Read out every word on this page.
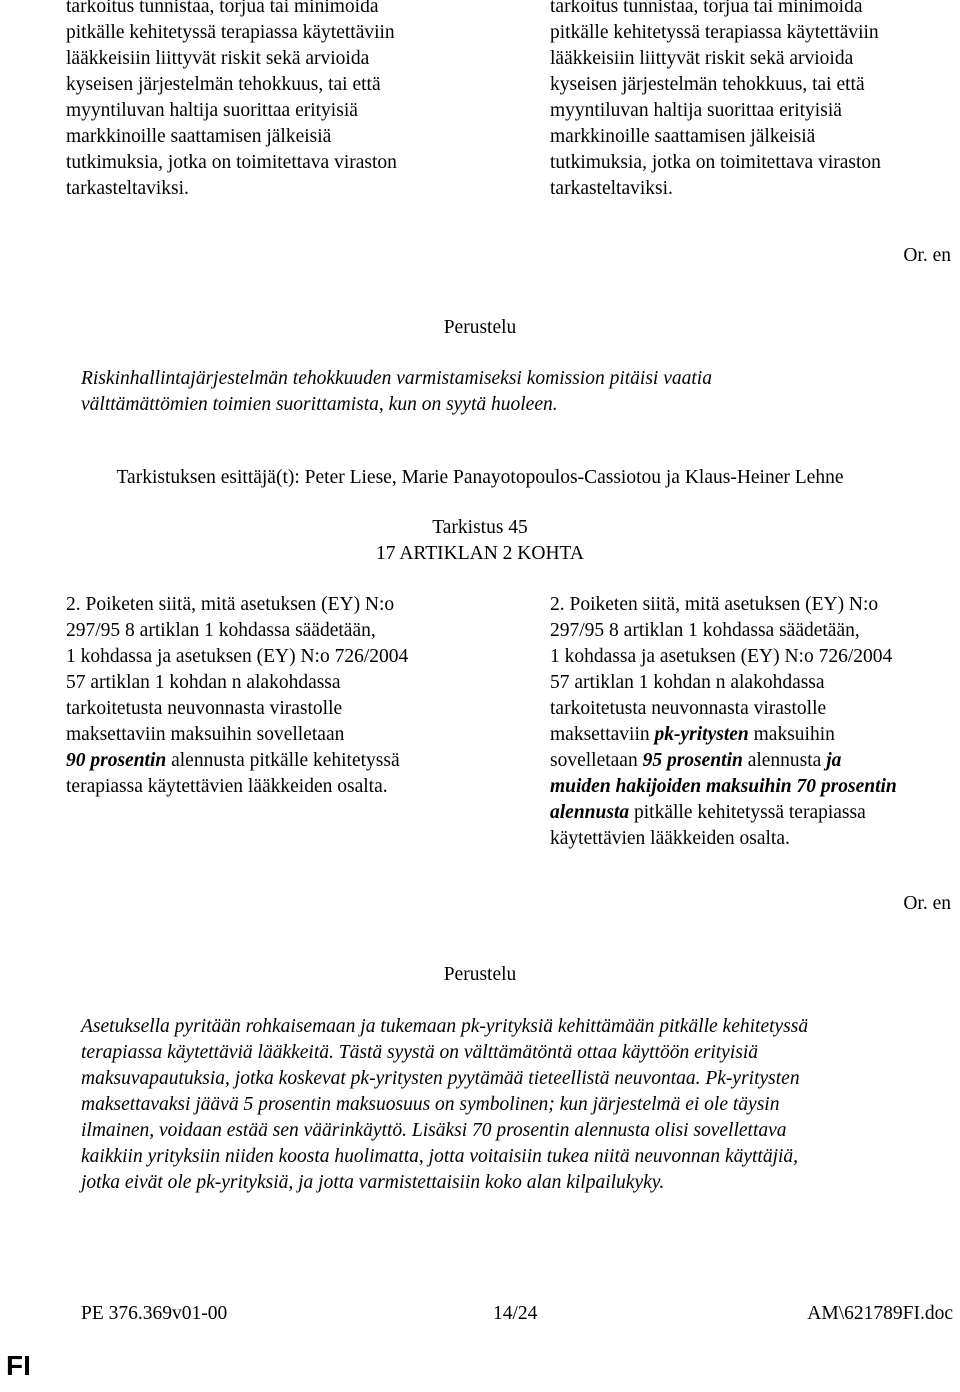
tarkoitus tunnistaa, torjua tai minimoida
pitkälle kehitetyssä terapiassa käytettäviin
lääkkeisiin liittyvät riskit sekä arvioida
kyseisen järjestelmän tehokkuus, tai että
myyntiluvan haltija suorittaa erityisiä
markkinoille saattamisen jälkeisiä
tutkimuksia, jotka on toimitettava viraston
tarkasteltaviksi.
tarkoitus tunnistaa, torjua tai minimoida
pitkälle kehitetyssä terapiassa käytettäviin
lääkkeisiin liittyvät riskit sekä arvioida
kyseisen järjestelmän tehokkuus, tai että
myyntiluvan haltija suorittaa erityisiä
markkinoille saattamisen jälkeisiä
tutkimuksia, jotka on toimitettava viraston
tarkasteltaviksi.
Or. en
Perustelu
Riskinhallintajärjestelmän tehokkuuden varmistamiseksi komission pitäisi vaatia
välttämättömien toimien suorittamista, kun on syytä huoleen.
Tarkistuksen esittäjä(t): Peter Liese, Marie Panayotopoulos-Cassiotou ja Klaus-Heiner Lehne
Tarkistus 45
17 ARTIKLAN 2 KOHTA
2. Poiketen siitä, mitä asetuksen (EY) N:o
297/95 8 artiklan 1 kohdassa säädetään,
1 kohdassa ja asetuksen (EY) N:o 726/2004
57 artiklan 1 kohdan n alakohdassa
tarkoitetusta neuvonnasta virastolle
maksettaviin maksuihin sovelletaan
90 prosentin alennusta pitkälle kehitetyssä
terapiassa käytettävien lääkkeiden osalta.
2. Poiketen siitä, mitä asetuksen (EY) N:o
297/95 8 artiklan 1 kohdassa säädetään,
1 kohdassa ja asetuksen (EY) N:o 726/2004
57 artiklan 1 kohdan n alakohdassa
tarkoitetusta neuvonnasta virastolle
maksettaviin pk-yritysten maksuihin
sovelletaan 95 prosentin alennusta ja
muiden hakijoiden maksuihin 70 prosentin
alennusta pitkälle kehitetyssä terapiassa
käytettävien lääkkeiden osalta.
Or. en
Perustelu
Asetuksella pyritään rohkaisemaan ja tukemaan pk-yrityksiä kehittämään pitkälle kehitetyssä
terapiassa käytettäviä lääkkeitä. Tästä syystä on välttämätöntä ottaa käyttöön erityisiä
maksuvapautuksia, jotka koskevat pk-yritysten pyytämää tieteellistä neuvontaa. Pk-yritysten
maksettavaksi jäävä 5 prosentin maksuosuus on symbolinen; kun järjestelmä ei ole täysin
ilmainen, voidaan estää sen väärinkäyttö. Lisäksi 70 prosentin alennusta olisi sovellettava
kaikkiin yrityksiin niiden koosta huolimatta, jotta voitaisiin tukea niitä neuvonnan käyttäjiä,
jotka eivät ole pk-yrityksiä, ja jotta varmistettaisiin koko alan kilpailukyky.
PE 376.369v01-00	14/24	AM\621789FI.doc
FI
